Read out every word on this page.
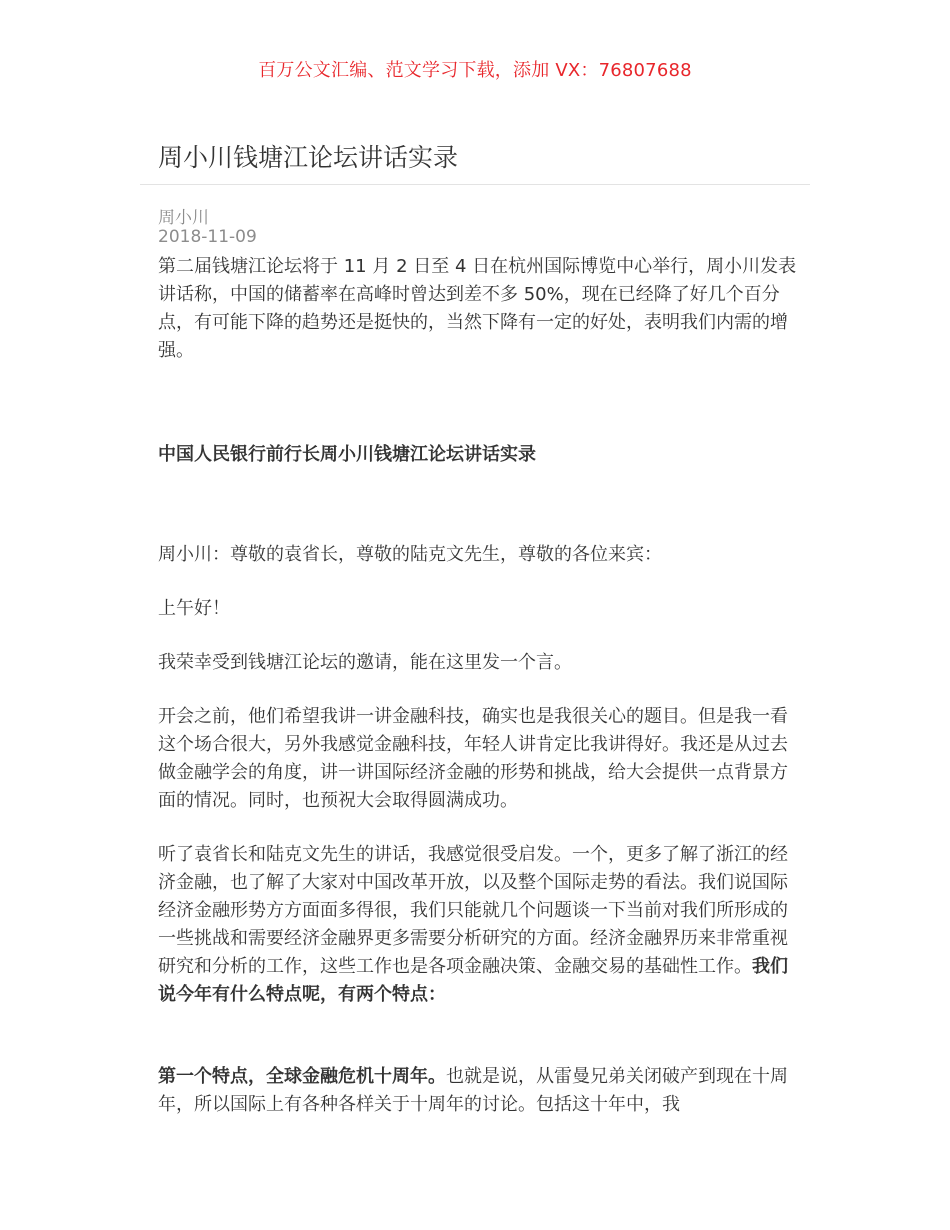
百万公文汇编、范文学习下载，添加 VX：76807688
周小川钱塘江论坛讲话实录
周小川
2018-11-09

第二届钱塘江论坛将于 11 月 2 日至 4 日在杭州国际博览中心举行，周小川发表讲话称，中国的储蓄率在高峰时曾达到差不多 50%，现在已经降了好几个百分点，有可能下降的趋势还是挺快的，当然下降有一定的好处，表明我们内需的增强。

中国人民银行前行长周小川钱塘江论坛讲话实录

周小川：尊敬的袁省长，尊敬的陆克文先生，尊敬的各位来宾：

上午好！

我荣幸受到钱塘江论坛的邀请，能在这里发一个言。

开会之前，他们希望我讲一讲金融科技，确实也是我很关心的题目。但是我一看这个场合很大，另外我感觉金融科技，年轻人讲肯定比我讲得好。我还是从过去做金融学会的角度，讲一讲国际经济金融的形势和挑战，给大会提供一点背景方面的情况。同时，也预祝大会取得圆满成功。

听了袁省长和陆克文先生的讲话，我感觉很受启发。一个，更多了解了浙江的经济金融，也了解了大家对中国改革开放，以及整个国际走势的看法。我们说国际经济金融形势方方面面多得很，我们只能就几个问题谈一下当前对我们所形成的一些挑战和需要经济金融界更多需要分析研究的方面。经济金融界历来非常重视研究和分析的工作，这些工作也是各项金融决策、金融交易的基础性工作。我们说今年有什么特点呢，有两个特点：

第一个特点，全球金融危机十周年。也就是说，从雷曼兄弟关闭破产到现在十周年，所以国际上有各种各样关于十周年的讨论。包括这十年中，我
